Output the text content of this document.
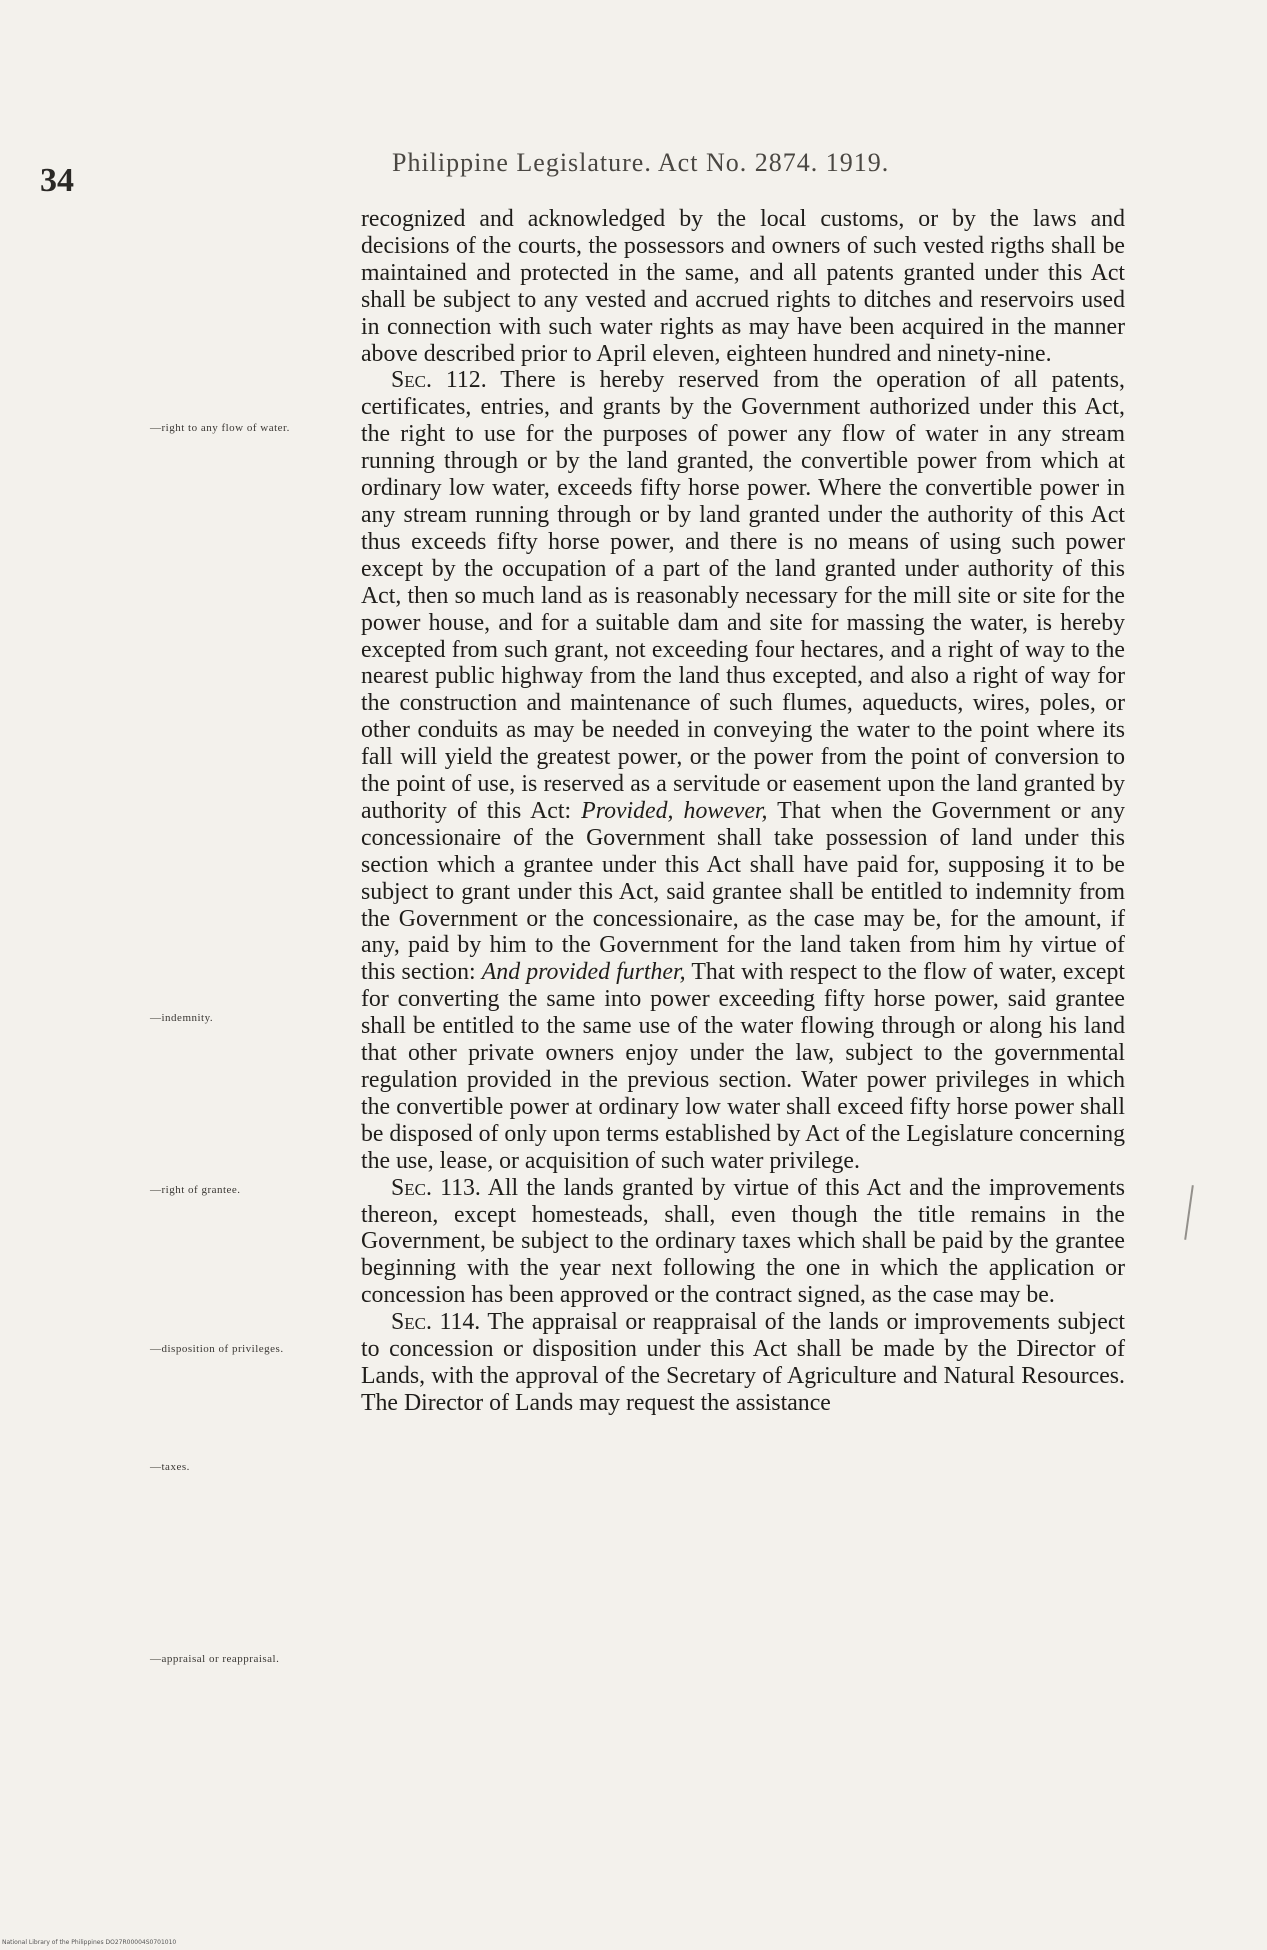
34	Philippine Legislature. Act No. 2874. 1919.
—right to any flow of water.
—indemnity.
—right of grantee.
—disposition of privileges.
—taxes.
—appraisal or reappraisal.

recognized and acknowledged by the local customs, or by the laws and decisions of the courts, the possessors and owners of such vested rigths shall be maintained and protected in the same, and all patents granted under this Act shall be subject to any vested and accrued rights to ditches and reservoirs used in connection with such water rights as may have been acquired in the manner above described prior to April eleven, eighteen hundred and ninety-nine.

Sec. 112. There is hereby reserved from the operation of all patents, certificates, entries, and grants by the Government authorized under this Act, the right to use for the purposes of power any flow of water in any stream running through or by the land granted, the convertible power from which at ordinary low water, exceeds fifty horse power. Where the convertible power in any stream running through or by land granted under the authority of this Act thus exceeds fifty horse power, and there is no means of using such power except by the occupation of a part of the land granted under authority of this Act, then so much land as is reasonably necessary for the mill site or site for the power house, and for a suitable dam and site for massing the water, is hereby excepted from such grant, not exceeding four hectares, and a right of way to the nearest public highway from the land thus excepted, and also a right of way for the construction and maintenance of such flumes, aqueducts, wires, poles, or other conduits as may be needed in conveying the water to the point where its fall will yield the greatest power, or the power from the point of conversion to the point of use, is reserved as a servitude or easement upon the land granted by authority of this Act: Provided, however, That when the Government or any concessionaire of the Government shall take possession of land under this section which a grantee under this Act shall have paid for, supposing it to be subject to grant under this Act, said grantee shall be entitled to indemnity from the Government or the concessionaire, as the case may be, for the amount, if any, paid by him to the Government for the land taken from him hy virtue of this section: And provided further, That with respect to the flow of water, except for converting the same into power exceeding fifty horse power, said grantee shall be entitled to the same use of the water flowing through or along his land that other private owners enjoy under the law, subject to the governmental regulation provided in the previous section. Water power privileges in which the convertible power at ordinary low water shall exceed fifty horse power shall be disposed of only upon terms established by Act of the Legislature concerning the use, lease, or acquisition of such water privilege.

Sec. 113. All the lands granted by virtue of this Act and the improvements thereon, except homesteads, shall, even though the title remains in the Government, be subject to the ordinary taxes which shall be paid by the grantee beginning with the year next following the one in which the application or concession has been approved or the contract signed, as the case may be.

Sec. 114. The appraisal or reappraisal of the lands or improvements subject to concession or disposition under this Act shall be made by the Director of Lands, with the approval of the Secretary of Agriculture and Natural Resources. The Director of Lands may request the assistance

National Library of the Philippines DO27R00004S0701010
